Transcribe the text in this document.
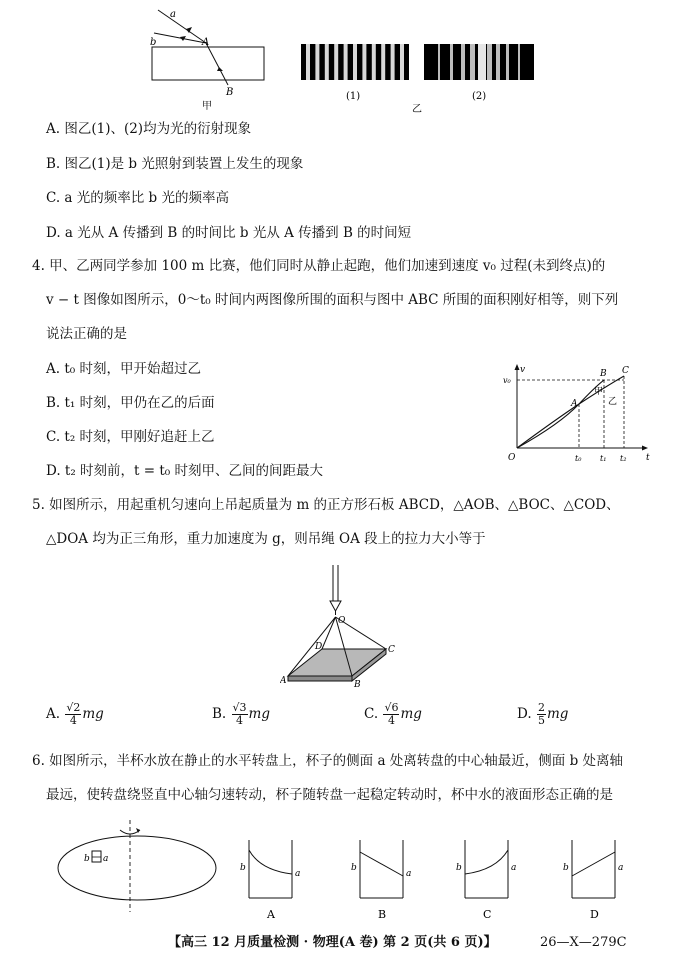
a
b	A
B
甲
(1)
乙
(2)
A. 图乙(1)、(2)均为光的衍射现象
B. 图乙(1)是 b 光照射到装置上发生的现象
C. a 光的频率比 b 光的频率高
D. a 光从 A 传播到 B 的时间比 b 光从 A 传播到 B 的时间短
4. 甲、乙两同学参加 100 m 比赛，他们同时从静止起跑，他们加速到速度 v₀ 过程(未到终点)的
v − t 图像如图所示，0～t₀ 时间内两图像所围的面积与图中 ABC 所围的面积刚好相等，则下列
说法正确的是
A. t₀ 时刻，甲开始超过乙
B. t₁ 时刻，甲仍在乙的后面
C. t₂ 时刻，甲刚好追赶上乙
D. t₂ 时刻前，t = t₀ 时刻甲、乙间的间距最大
v
t
O
v₀
t₀ t₁ t₂
A
B C
甲
乙
5. 如图所示，用起重机匀速向上吊起质量为 m 的正方形石板 ABCD，△AOB、△BOC、△COD、
△DOA 均为正三角形，重力加速度为 g，则吊绳 OA 段上的拉力大小等于
O
A	B
C
D
A. $\frac{√2}{4}$ mg	B. $\frac{√3}{4}$ mg	C. $\frac{√6}{4}$ mg	D. $\frac{2}{5}$ mg
6. 如图所示，半杯水放在静止的水平转盘上，杯子的侧面 a 处离转盘的中心轴最近，侧面 b 处离轴
最远，使转盘绕竖直中心轴匀速转动，杯子随转盘一起稳定转动时，杯中水的液面形态正确的是
b a
b
a
A
b
a
B
b	a
C
b	a
D
【高三 12 月质量检测 · 物理(A 卷) 第 2 页(共 6 页)】	26—X—279C
